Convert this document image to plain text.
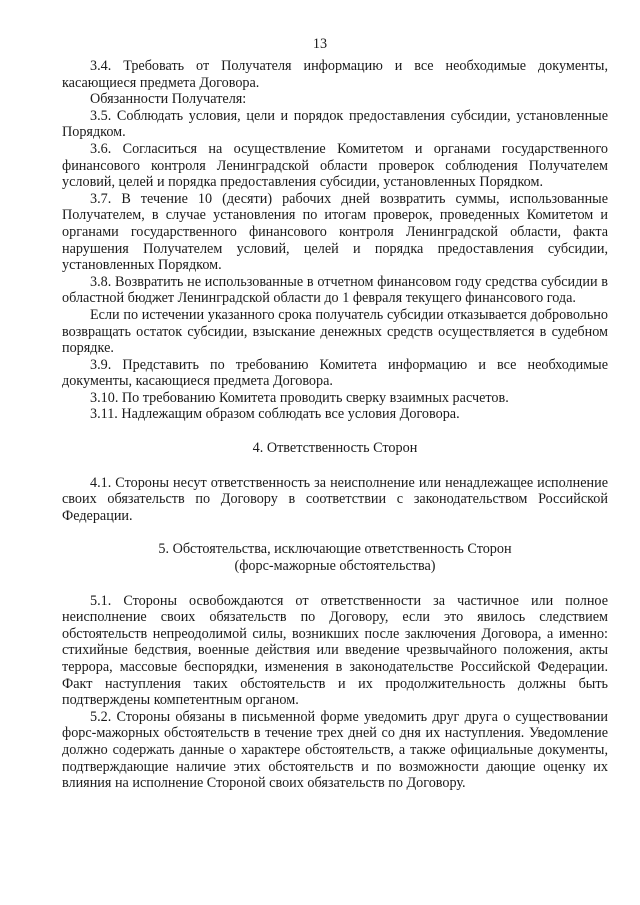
13

3.4. Требовать от Получателя информацию и все необходимые документы, касающиеся предмета Договора.

Обязанности Получателя:

3.5. Соблюдать условия, цели и порядок предоставления субсидии, установленные Порядком.

3.6. Согласиться на осуществление Комитетом и органами государственного финансового контроля Ленинградской области проверок соблюдения Получателем условий, целей и порядка предоставления субсидии, установленных Порядком.

3.7. В течение 10 (десяти) рабочих дней возвратить суммы, использованные Получателем, в случае установления по итогам проверок, проведенных Комитетом и органами государственного финансового контроля Ленинградской области, факта нарушения Получателем условий, целей и порядка предоставления субсидии, установленных Порядком.

3.8. Возвратить не использованные в отчетном финансовом году средства субсидии в областной бюджет Ленинградской области до 1 февраля текущего финансового года.

Если по истечении указанного срока получатель субсидии отказывается добровольно возвращать остаток субсидии, взыскание денежных средств осуществляется в судебном порядке.

3.9. Представить по требованию Комитета информацию и все необходимые документы, касающиеся предмета Договора.

3.10. По требованию Комитета проводить сверку взаимных расчетов.

3.11. Надлежащим образом соблюдать все условия Договора.

4. Ответственность Сторон

4.1. Стороны несут ответственность за неисполнение или ненадлежащее исполнение своих обязательств по Договору в соответствии с законодательством Российской Федерации.

5. Обстоятельства, исключающие ответственность Сторон

(форс-мажорные обстоятельства)

5.1. Стороны освобождаются от ответственности за частичное или полное неисполнение своих обязательств по Договору, если это явилось следствием обстоятельств непреодолимой силы, возникших после заключения Договора, а именно: стихийные бедствия, военные действия или введение чрезвычайного положения, акты террора, массовые беспорядки, изменения в законодательстве Российской Федерации. Факт наступления таких обстоятельств и их продолжительность должны быть подтверждены компетентным органом.

5.2. Стороны обязаны в письменной форме уведомить друг друга о существовании форс-мажорных обстоятельств в течение трех дней со дня их наступления. Уведомление должно содержать данные о характере обстоятельств, а также официальные документы, подтверждающие наличие этих обстоятельств и по возможности дающие оценку их влияния на исполнение Стороной своих обязательств по Договору.
